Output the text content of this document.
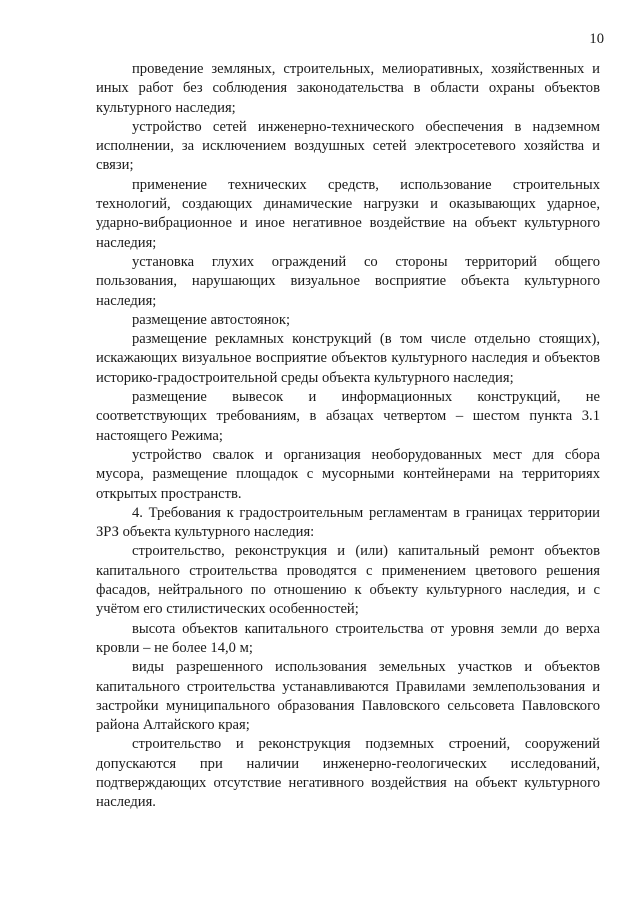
10

проведение земляных, строительных, мелиоративных, хозяйственных и иных работ без соблюдения законодательства в области охраны объектов культурного наследия;

устройство сетей инженерно-технического обеспечения в надземном исполнении, за исключением воздушных сетей электросетевого хозяйства и связи;

применение технических средств, использование строительных технологий, создающих динамические нагрузки и оказывающих ударное, ударно-вибрационное и иное негативное воздействие на объект культурного наследия;

установка глухих ограждений со стороны территорий общего пользования, нарушающих визуальное восприятие объекта культурного наследия;

размещение автостоянок;

размещение рекламных конструкций (в том числе отдельно стоящих), искажающих визуальное восприятие объектов культурного наследия и объектов историко-градостроительной среды объекта культурного наследия;

размещение вывесок и информационных конструкций, не соответствующих требованиям, в абзацах четвертом – шестом пункта 3.1 настоящего Режима;

устройство свалок и организация необорудованных мест для сбора мусора, размещение площадок с мусорными контейнерами на территориях открытых пространств.

4. Требования к градостроительным регламентам в границах территории ЗРЗ объекта культурного наследия:

строительство, реконструкция и (или) капитальный ремонт объектов капитального строительства проводятся с применением цветового решения фасадов, нейтрального по отношению к объекту культурного наследия, и с учётом его стилистических особенностей;

высота объектов капитального строительства от уровня земли до верха кровли – не более 14,0 м;

виды разрешенного использования земельных участков и объектов капитального строительства устанавливаются Правилами землепользования и застройки муниципального образования Павловского сельсовета Павловского района Алтайского края;

строительство и реконструкция подземных строений, сооружений допускаются при наличии инженерно-геологических исследований, подтверждающих отсутствие негативного воздействия на объект культурного наследия.
